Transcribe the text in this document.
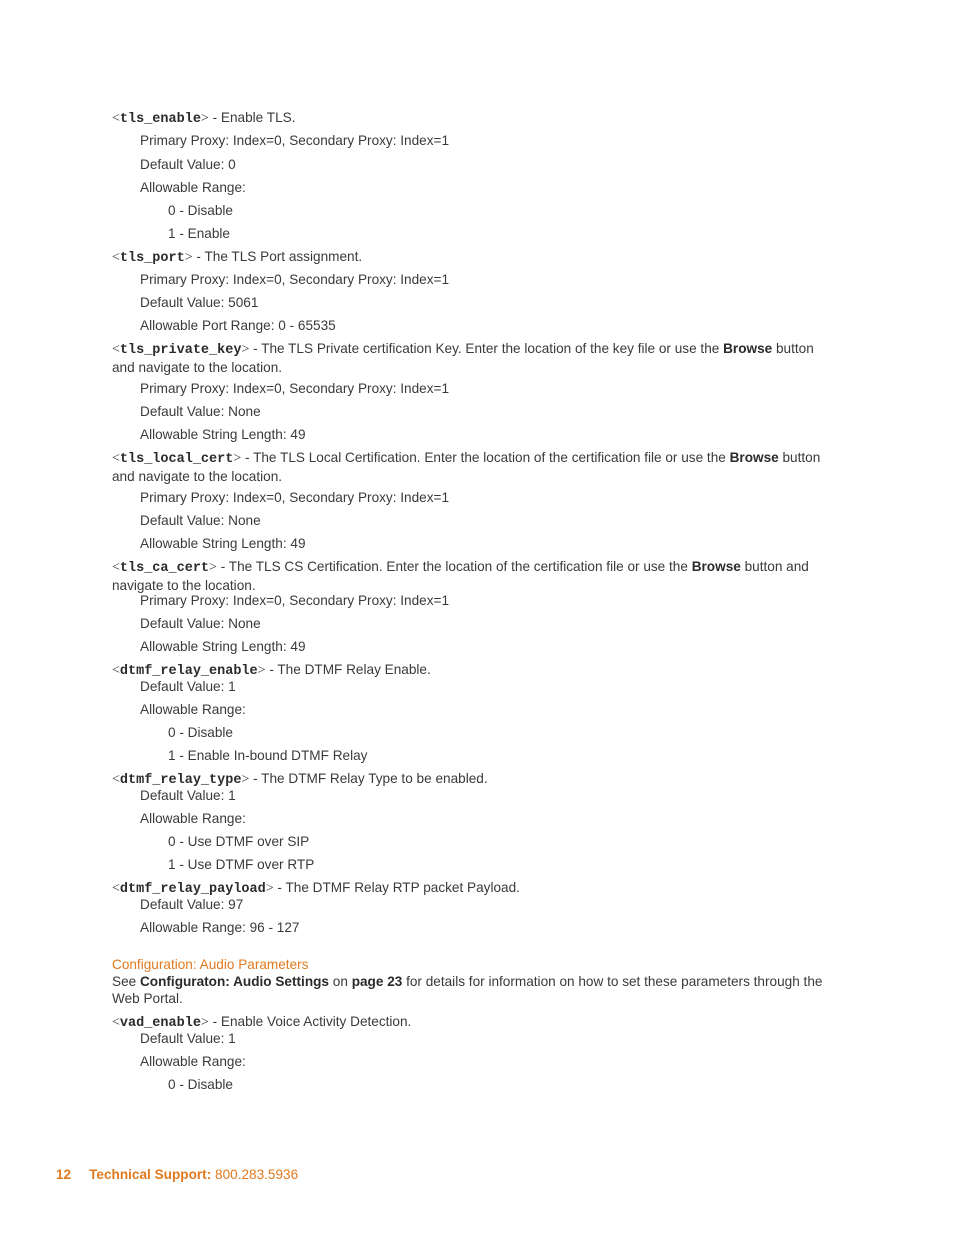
<tls_enable> - Enable TLS.
Primary Proxy: Index=0, Secondary Proxy: Index=1
Default Value: 0
Allowable Range:
0 - Disable
1 - Enable
<tls_port> - The TLS Port assignment.
Primary Proxy: Index=0, Secondary Proxy: Index=1
Default Value: 5061
Allowable Port Range: 0 - 65535
<tls_private_key> - The TLS Private certification Key. Enter the location of the key file or use the Browse button and navigate to the location.
Primary Proxy: Index=0, Secondary Proxy: Index=1
Default Value: None
Allowable String Length: 49
<tls_local_cert> - The TLS Local Certification. Enter the location of the certification file or use the Browse button and navigate to the location.
Primary Proxy: Index=0, Secondary Proxy: Index=1
Default Value: None
Allowable String Length: 49
<tls_ca_cert> - The TLS CS Certification. Enter the location of the certification file or use the Browse button and navigate to the location.
Primary Proxy: Index=0, Secondary Proxy: Index=1
Default Value: None
Allowable String Length: 49
<dtmf_relay_enable> - The DTMF Relay Enable.
Default Value: 1
Allowable Range:
0 - Disable
1 - Enable In-bound DTMF Relay
<dtmf_relay_type> - The DTMF Relay Type to be enabled.
Default Value: 1
Allowable Range:
0 - Use DTMF over SIP
1 - Use DTMF over RTP
<dtmf_relay_payload> - The DTMF Relay RTP packet Payload.
Default Value: 97
Allowable Range: 96 - 127
Configuration: Audio Parameters
See Configuraton: Audio Settings on page 23 for details for information on how to set these parameters through the Web Portal.
<vad_enable> - Enable Voice Activity Detection.
Default Value: 1
Allowable Range:
0 - Disable
12 Technical Support: 800.283.5936
